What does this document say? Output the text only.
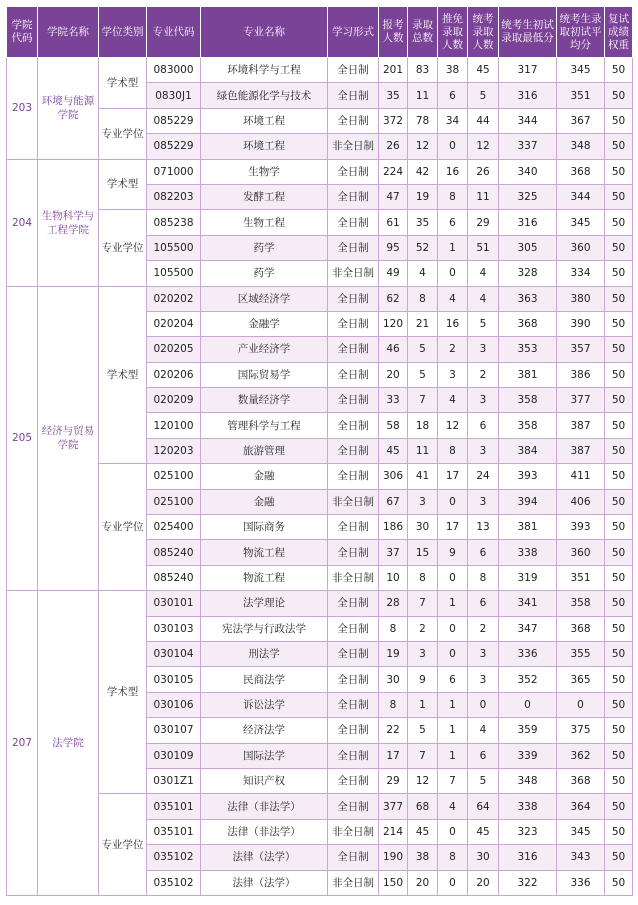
学院代码	学院名称	学位类别	专业代码	专业名称	学习形式	报考人数	录取总数	推免录取人数	统考录取人数	统考生初试录取最低分	统考生录取初试平均分	复试成绩权重
203	环境与能源学院	学术型	083000	环境科学与工程	全日制	201	83	38	45	317	345	50
			0830J1	绿色能源化学与技术	全日制	35	11	6	5	316	351	50
		专业学位	085229	环境工程	全日制	372	78	34	44	344	367	50
			085229	环境工程	非全日制	26	12	0	12	337	348	50
204	生物科学与工程学院	学术型	071000	生物学	全日制	224	42	16	26	340	368	50
			082203	发酵工程	全日制	47	19	8	11	325	344	50
		专业学位	085238	生物工程	全日制	61	35	6	29	316	345	50
			105500	药学	全日制	95	52	1	51	305	360	50
			105500	药学	非全日制	49	4	0	4	328	334	50
205	经济与贸易学院	学术型	020202	区域经济学	全日制	62	8	4	4	363	380	50
			020204	金融学	全日制	120	21	16	5	368	390	50
			020205	产业经济学	全日制	46	5	2	3	353	357	50
			020206	国际贸易学	全日制	20	5	3	2	381	386	50
			020209	数量经济学	全日制	33	7	4	3	358	377	50
			120100	管理科学与工程	全日制	58	18	12	6	358	387	50
			120203	旅游管理	全日制	45	11	8	3	384	387	50
		专业学位	025100	金融	全日制	306	41	17	24	393	411	50
			025100	金融	非全日制	67	3	0	3	394	406	50
			025400	国际商务	全日制	186	30	17	13	381	393	50
			085240	物流工程	全日制	37	15	9	6	338	360	50
			085240	物流工程	非全日制	10	8	0	8	319	351	50
207	法学院	学术型	030101	法学理论	全日制	28	7	1	6	341	358	50
			030103	宪法学与行政法学	全日制	8	2	0	2	347	368	50
			030104	刑法学	全日制	19	3	0	3	336	355	50
			030105	民商法学	全日制	30	9	6	3	352	365	50
			030106	诉讼法学	全日制	8	1	1	0	0	0	50
			030107	经济法学	全日制	22	5	1	4	359	375	50
			030109	国际法学	全日制	17	7	1	6	339	362	50
			0301Z1	知识产权	全日制	29	12	7	5	348	368	50
		专业学位	035101	法律（非法学）	全日制	377	68	4	64	338	364	50
			035101	法律（非法学）	非全日制	214	45	0	45	323	345	50
			035102	法律（法学）	全日制	190	38	8	30	316	343	50
			035102	法律（法学）	非全日制	150	20	0	20	322	336	50
